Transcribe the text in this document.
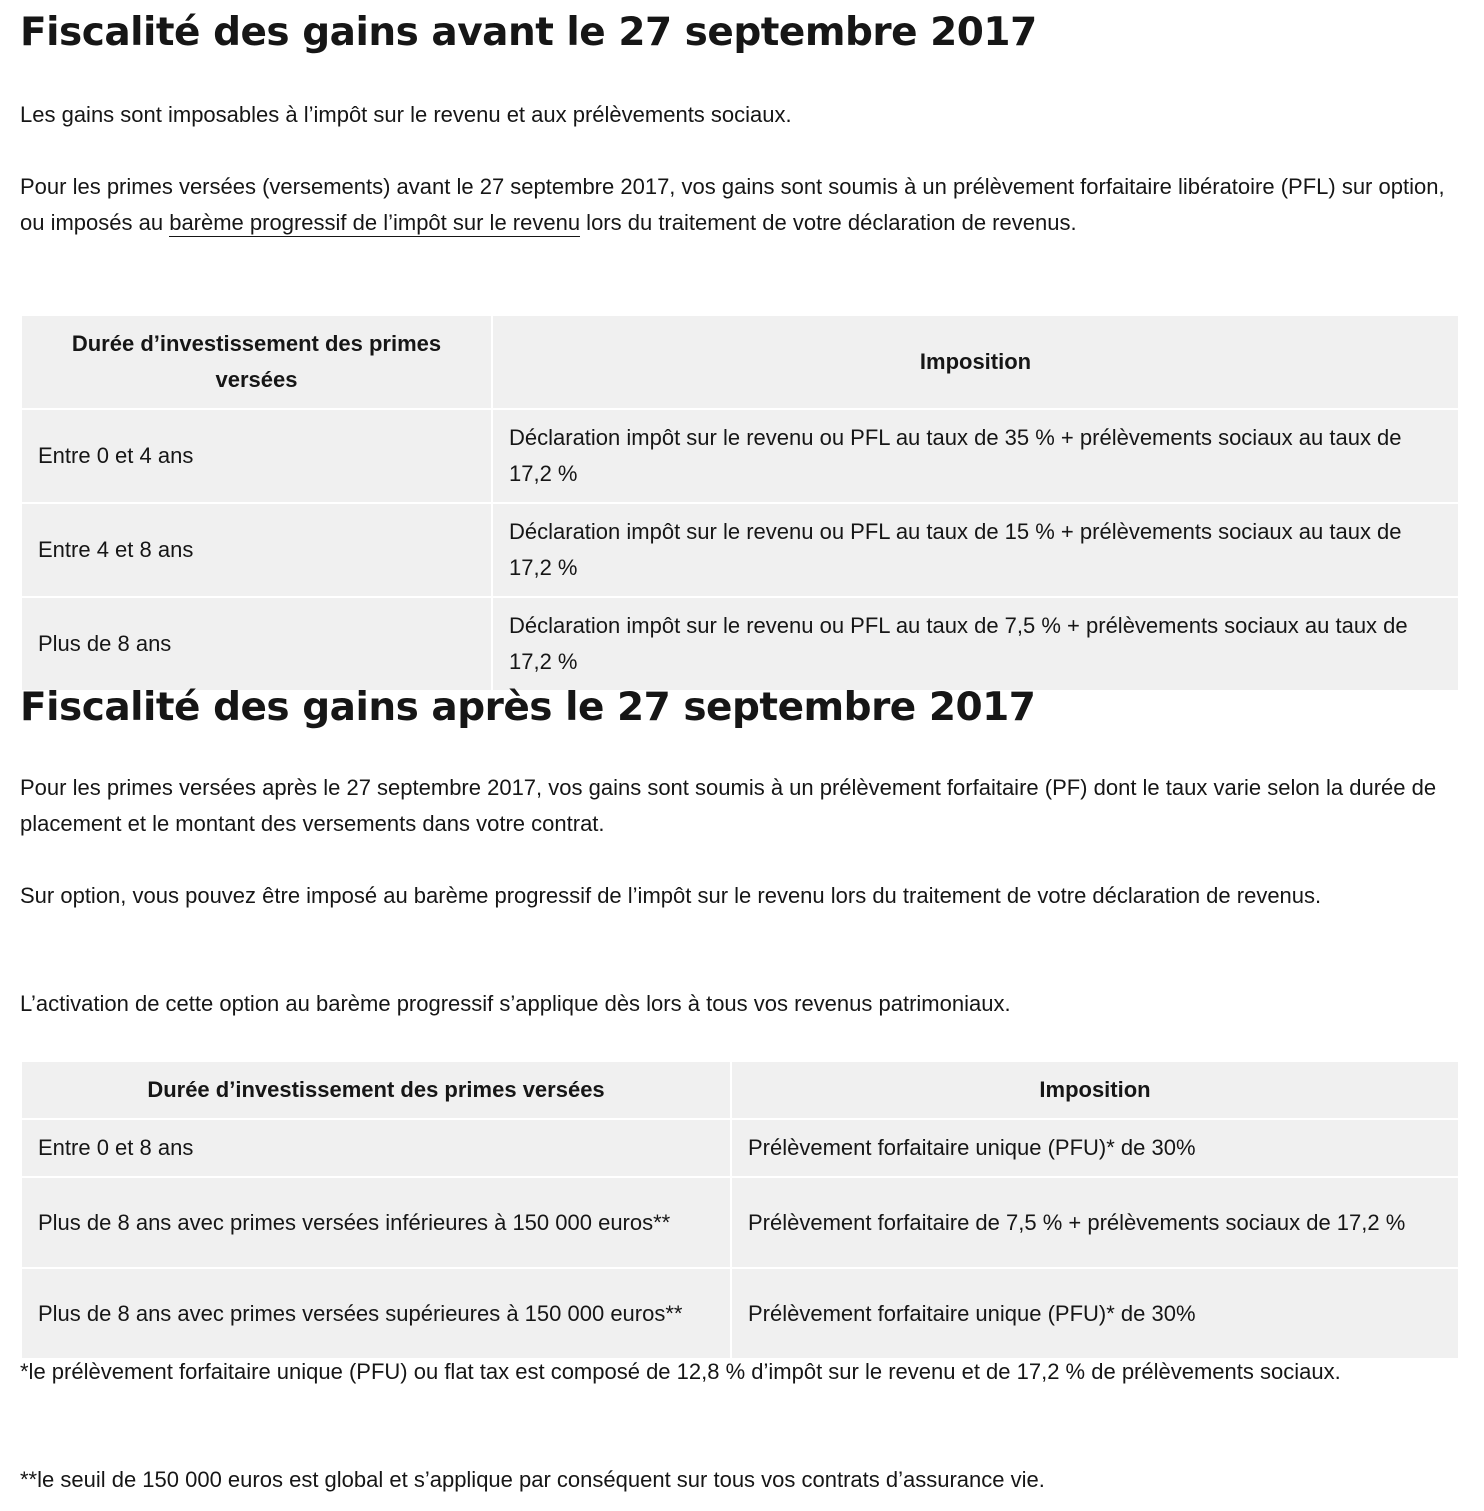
Fiscalité des gains avant le 27 septembre 2017

Les gains sont imposables à l’impôt sur le revenu et aux prélèvements sociaux.

Pour les primes versées (versements) avant le 27 septembre 2017, vos gains sont soumis à un prélèvement forfaitaire libératoire (PFL) sur option, ou imposés au barème progressif de l’impôt sur le revenu lors du traitement de votre déclaration de revenus.

Durée d’investissement des primes versées	Imposition
Entre 0 et 4 ans	Déclaration impôt sur le revenu ou PFL au taux de 35 % + prélèvements sociaux au taux de 17,2 %
Entre 4 et 8 ans	Déclaration impôt sur le revenu ou PFL au taux de 15 % + prélèvements sociaux au taux de 17,2 %
Plus de 8 ans	Déclaration impôt sur le revenu ou PFL au taux de 7,5 % + prélèvements sociaux au taux de 17,2 %
Fiscalité des gains après le 27 septembre 2017

Pour les primes versées après le 27 septembre 2017, vos gains sont soumis à un prélèvement forfaitaire (PF) dont le taux varie selon la durée de placement et le montant des versements dans votre contrat.

Sur option, vous pouvez être imposé au barème progressif de l’impôt sur le revenu lors du traitement de votre déclaration de revenus.

L’activation de cette option au barème progressif s’applique dès lors à tous vos revenus patrimoniaux.

Durée d’investissement des primes versées	Imposition
Entre 0 et 8 ans	Prélèvement forfaitaire unique (PFU)* de 30%
Plus de 8 ans avec primes versées inférieures à 150 000 euros**	Prélèvement forfaitaire de 7,5 % + prélèvements sociaux de 17,2 %
Plus de 8 ans avec primes versées supérieures à 150 000 euros**	Prélèvement forfaitaire unique (PFU)* de 30%

*le prélèvement forfaitaire unique (PFU) ou flat tax est composé de 12,8 % d’impôt sur le revenu et de 17,2 % de prélèvements sociaux.

**le seuil de 150 000 euros est global et s’applique par conséquent sur tous vos contrats d’assurance vie.
